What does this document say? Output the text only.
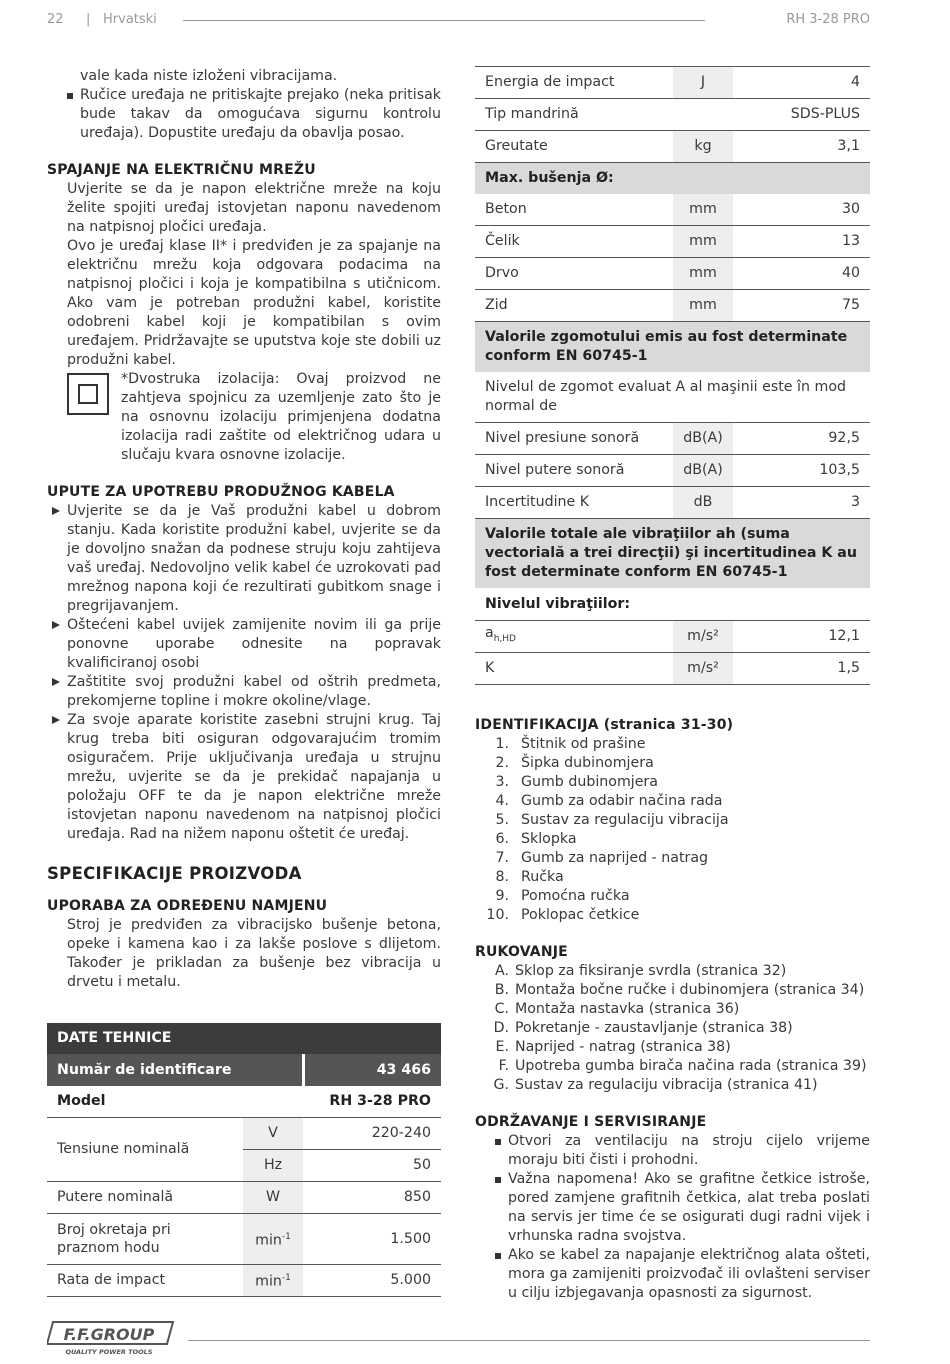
22 | Hrvatski	RH 3-28 PRO

vale kada niste izloženi vibracijama.

Ručice uređaja ne pritiskajte prejako (neka pritisak bude takav da omogućava sigurnu kontrolu uređaja). Dopustite uređaju da obavlja posao.

SPAJANJE NA ELEKTRIČNU MREŽU

Uvjerite se da je napon električne mreže na koju želite spojiti uređaj istovjetan naponu navedenom na natpisnoj pločici uređaja.

Ovo je uređaj klase II* i predviđen je za spajanje na električnu mrežu koja odgovara podacima na natpisnoj pločici i koja je kompatibilna s utičnicom. Ako vam je potreban produžni kabel, koristite odobreni kabel koji je kompatibilan s ovim uređajem. Pridržavajte se uputstva koje ste dobili uz produžni kabel.

*Dvostruka izolacija: Ovaj proizvod ne zahtjeva spojnicu za uzemljenje zato što je na osnovnu izolaciju primjenjena dodatna izolacija radi zaštite od električnog udara u slučaju kvara osnovne izolacije.

UPUTE ZA UPOTREBU PRODUŽNOG KABELA

Uvjerite se da je Vaš produžni kabel u dobrom stanju. Kada koristite produžni kabel, uvjerite se da je dovoljno snažan da podnese struju koju zahtijeva vaš uređaj. Nedovoljno velik kabel će uzrokovati pad mrežnog napona koji će rezultirati gubitkom snage i pregrijavanjem.
Oštećeni kabel uvijek zamijenite novim ili ga prije ponovne uporabe odnesite na popravak kvalificiranoj osobi
Zaštitite svoj produžni kabel od oštrih predmeta, prekomjerne topline i mokre okoline/vlage.
Za svoje aparate koristite zasebni strujni krug. Taj krug treba biti osiguran odgovarajućim tromim osiguračem. Prije uključivanja uređaja u strujnu mrežu, uvjerite se da je prekidač napajanja u položaju OFF te da je napon električne mreže istovjetan naponu navedenom na natpisnoj pločici uređaja. Rad na nižem naponu oštetit će uređaj.

SPECIFIKACIJE PROIZVODA

UPORABA ZA ODREĐENU NAMJENU

Stroj je predviđen za vibracijsko bušenje betona, opeke i kamena kao i za lakše poslove s dlijetom. Također je prikladan za bušenje bez vibracija u drvetu i metalu.

DATE TEHNICE		
Număr de identificare		43 466
Model		RH 3-28 PRO
Tensiune nominală	V	220-240
	Hz	50
Putere nominală	W	850
Broj okretaja pri praznom hodu	$\min^{-1}$	1.500
Rata de impact	$\min^{-1}$	5.000
Energia de impact	J	4
Tip mandrină		SDS-PLUS
Greutate	kg	3,1
Max. bušenja Ø:		
Beton	mm	30
Čelik	mm	13
Drvo	mm	40
Zid	mm	75
Valorile zgomotului emis au fost determinate conform EN 60745-1		
Nivelul de zgomot evaluat A al maşinii este în mod normal de		
Nivel presiune sonoră	dB(A)	92,5
Nivel putere sonoră	dB(A)	103,5
Incertitudine K	dB	3
Valorile totale ale vibraţiilor ah (suma vectorială a trei direcţii) şi incertitudinea K au fost determinate conform EN 60745-1		
Nivelul vibraţiilor:		
$a_{h,HD}$	m/s²	12,1
K	m/s²	1,5

IDENTIFIKACIJA (stranica 31-30)

1. Štitnik od prašine
2. Šipka dubinomjera
3. Gumb dubinomjera
4. Gumb za odabir načina rada
5. Sustav za regulaciju vibracija
6. Sklopka
7. Gumb za naprijed - natrag
8. Ručka
9. Pomoćna ručka
10. Poklopac četkice

RUKOVANJE

A. Sklop za fiksiranje svrdla (stranica 32)
B. Montaža bočne ručke i dubinomjera (stranica 34)
C. Montaža nastavka (stranica 36)
D. Pokretanje - zaustavljanje (stranica 38)
E. Naprijed - natrag (stranica 38)
F. Upotreba gumba birača načina rada (stranica 39)
G. Sustav za regulaciju vibracija (stranica 41)

ODRŽAVANJE I SERVISIRANJE

Otvori za ventilaciju na stroju cijelo vrijeme moraju biti čisti i prohodni.
Važna napomena! Ako se grafitne četkice istroše, pored zamjene grafitnih četkica, alat treba poslati na servis jer time će se osigurati dugi radni vijek i vrhunska radna svojstva.
Ako se kabel za napajanje električnog alata ošteti, mora ga zamijeniti proizvođač ili ovlašteni serviser u cilju izbjegavanja opasnosti za sigurnost.
F.F.GROUP
QUALITY POWER TOOLS
